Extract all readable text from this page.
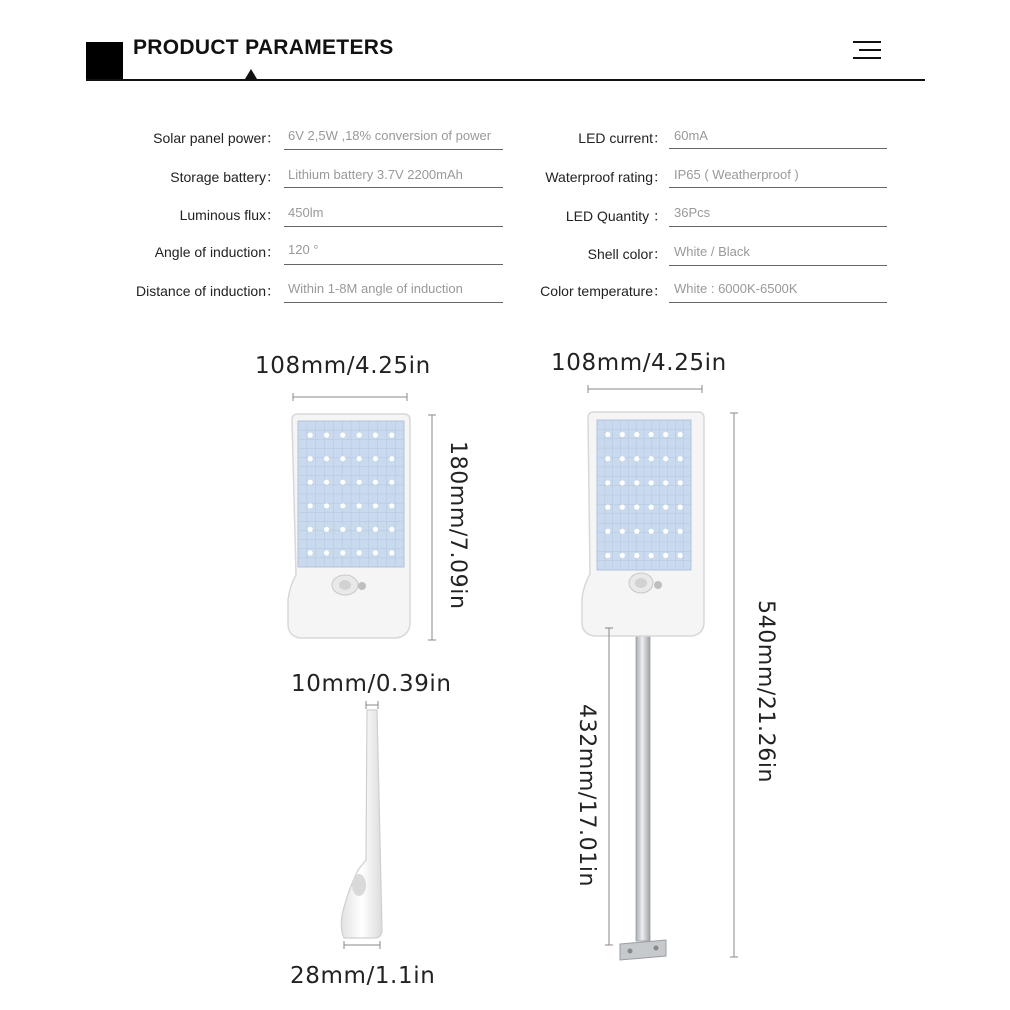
PRODUCT PARAMETERS
Solar panel power： 6V 2,5W ,18% conversion of power
Storage battery： Lithium battery 3.7V 2200mAh
Luminous flux： 450lm
Angle of induction： 120 °
Distance of induction： Within 1-8M angle of induction
LED current： 60mA
Waterproof rating： IP65 ( Weatherproof )
LED Quantity ： 36Pcs
Shell color： White / Black
Color temperature： White : 6000K-6500K
108mm/4.25in
180mm/7.09in
10mm/0.39in
28mm/1.1in
108mm/4.25in
432mm/17.01in
540mm/21.26in
